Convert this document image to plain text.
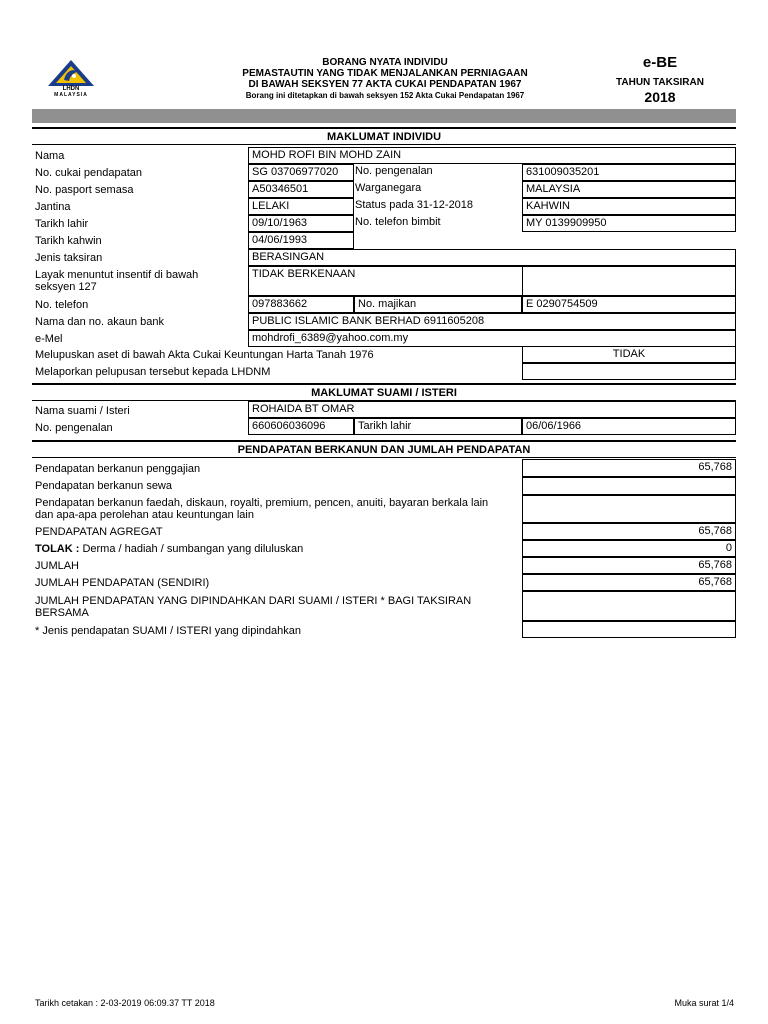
LHDN
MALAYSIA
BORANG NYATA INDIVIDU
PEMASTAUTIN YANG TIDAK MENJALANKAN PERNIAGAAN
DI BAWAH SEKSYEN 77 AKTA CUKAI PENDAPATAN 1967
Borang ini ditetapkan di bawah seksyen 152 Akta Cukai Pendapatan 1967
e-BE
TAHUN TAKSIRAN
2018
MAKLUMAT INDIVIDU
Nama	MOHD ROFI BIN MOHD ZAIN
No. cukai pendapatan	SG 03706977020	No. pengenalan	631009035201
No. pasport semasa	A50346501	Warganegara	MALAYSIA
Jantina	LELAKI	Status pada 31-12-2018	KAHWIN
Tarikh lahir	09/10/1963	No. telefon bimbit	MY 0139909950
Tarikh kahwin	04/06/1993
Jenis taksiran	BERASINGAN
Layak menuntut insentif di bawah
seksyen 127
TIDAK BERKENAAN
No. telefon	097883662	No. majikan	E 0290754509
Nama dan no. akaun bank	PUBLIC ISLAMIC BANK BERHAD 6911605208
e-Mel	mohdrofi_6389@yahoo.com.my
Melupuskan aset di bawah Akta Cukai Keuntungan Harta Tanah 1976	TIDAK
Melaporkan pelupusan tersebut kepada LHDNM
MAKLUMAT SUAMI / ISTERI
Nama suami / Isteri	ROHAIDA BT OMAR
No. pengenalan	660606036096	Tarikh lahir	06/06/1966
PENDAPATAN BERKANUN DAN JUMLAH PENDAPATAN
Pendapatan berkanun penggajian	65,768
Pendapatan berkanun sewa
Pendapatan berkanun faedah, diskaun, royalti, premium, pencen, anuiti, bayaran berkala lain
dan apa-apa perolehan atau keuntungan lain
PENDAPATAN AGREGAT	65,768
TOLAK : Derma / hadiah / sumbangan yang diluluskan	0
JUMLAH	65,768
JUMLAH PENDAPATAN (SENDIRI)	65,768
JUMLAH PENDAPATAN YANG DIPINDAHKAN DARI SUAMI / ISTERI * BAGI TAKSIRAN
BERSAMA
* Jenis pendapatan SUAMI / ISTERI yang dipindahkan
Tarikh cetakan : 2-03-2019 06:09.37 TT 2018	Muka surat 1/4
